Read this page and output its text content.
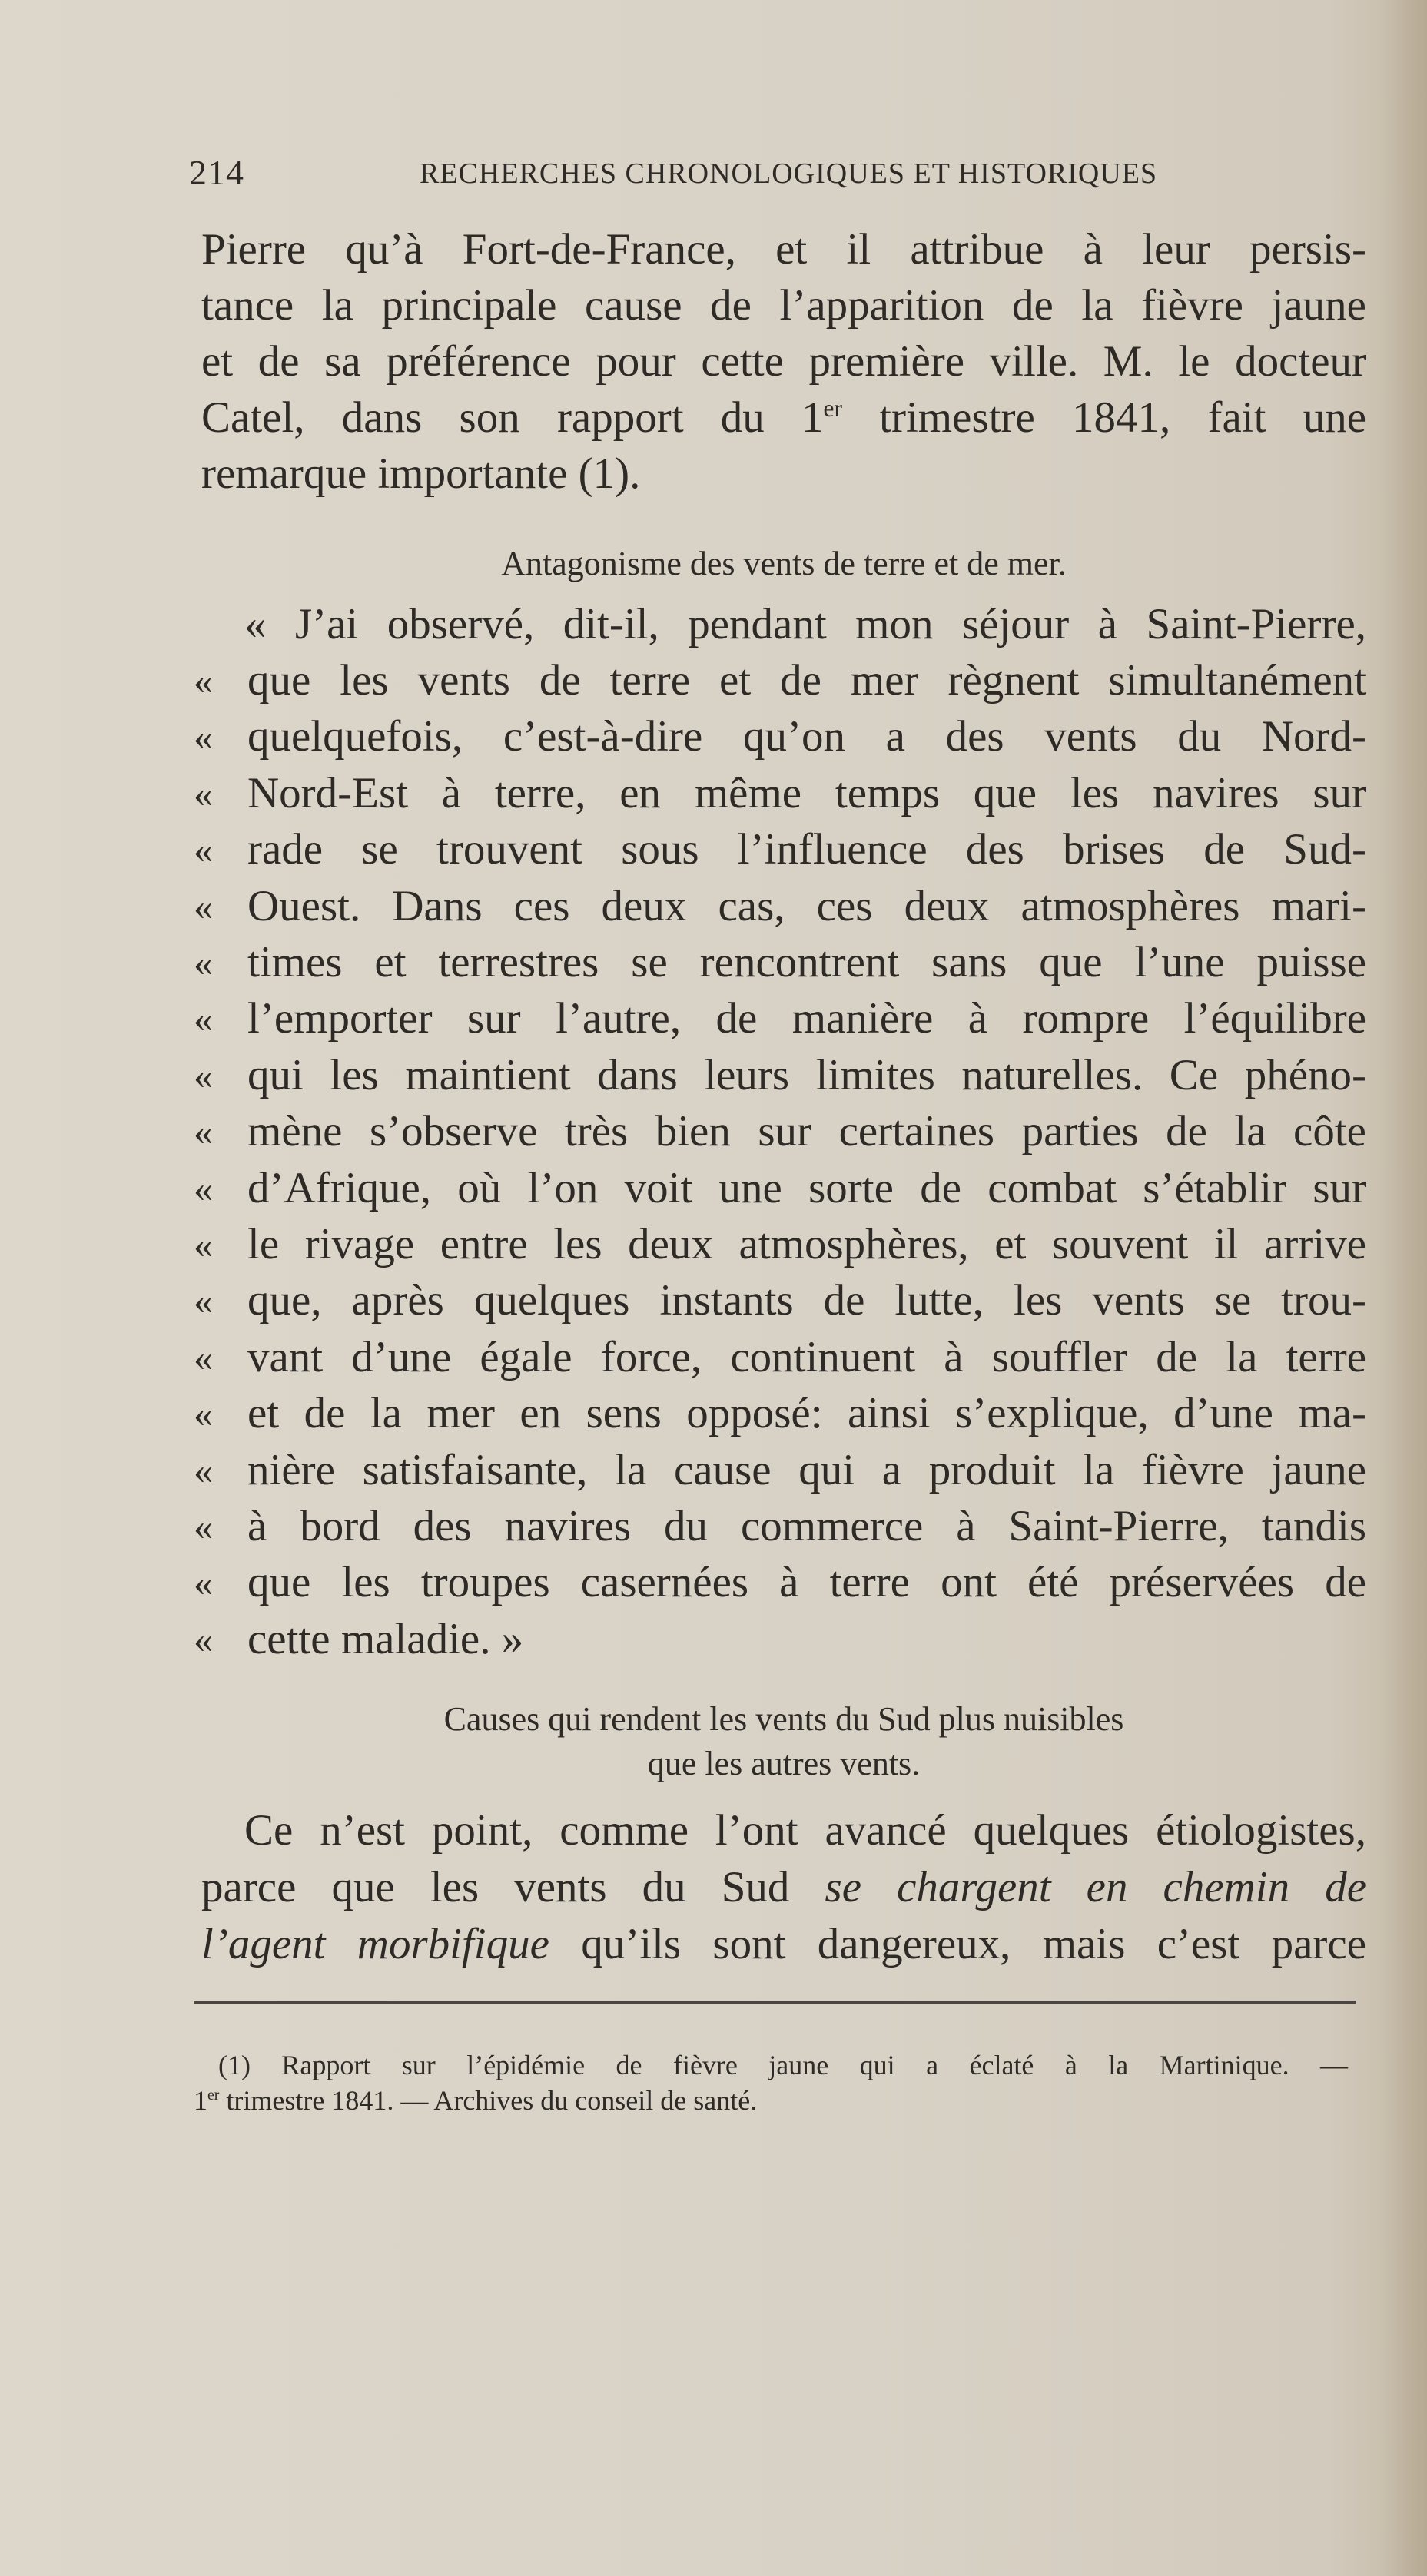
214	RECHERCHES CHRONOLOGIQUES ET HISTORIQUES
Pierre qu’à Fort-de-France, et il attribue à leur persis-
tance la principale cause de l’apparition de la fièvre jaune
et de sa préférence pour cette première ville. M. le docteur
Catel, dans son rapport du 1er trimestre 1841, fait une
remarque importante (1).
Antagonisme des vents de terre et de mer.
« J’ai observé, dit-il, pendant mon séjour à Saint-Pierre,
« que les vents de terre et de mer règnent simultanément
« quelquefois, c’est-à-dire qu’on a des vents du Nord-
« Nord-Est à terre, en même temps que les navires sur
« rade se trouvent sous l’influence des brises de Sud-
« Ouest. Dans ces deux cas, ces deux atmosphères mari-
« times et terrestres se rencontrent sans que l’une puisse
« l’emporter sur l’autre, de manière à rompre l’équilibre
« qui les maintient dans leurs limites naturelles. Ce phéno-
« mène s’observe très bien sur certaines parties de la côte
« d’Afrique, où l’on voit une sorte de combat s’établir sur
« le rivage entre les deux atmosphères, et souvent il arrive
« que, après quelques instants de lutte, les vents se trou-
« vant d’une égale force, continuent à souffler de la terre
« et de la mer en sens opposé: ainsi s’explique, d’une ma-
« nière satisfaisante, la cause qui a produit la fièvre jaune
« à bord des navires du commerce à Saint-Pierre, tandis
« que les troupes casernées à terre ont été préservées de
« cette maladie. »
Causes qui rendent les vents du Sud plus nuisibles
que les autres vents.
Ce n’est point, comme l’ont avancé quelques étiologistes,
parce que les vents du Sud se chargent en chemin de
l’agent morbifique qu’ils sont dangereux, mais c’est parce
(1) Rapport sur l’épidémie de fièvre jaune qui a éclaté à la Martinique. —
1er trimestre 1841. — Archives du conseil de santé.
